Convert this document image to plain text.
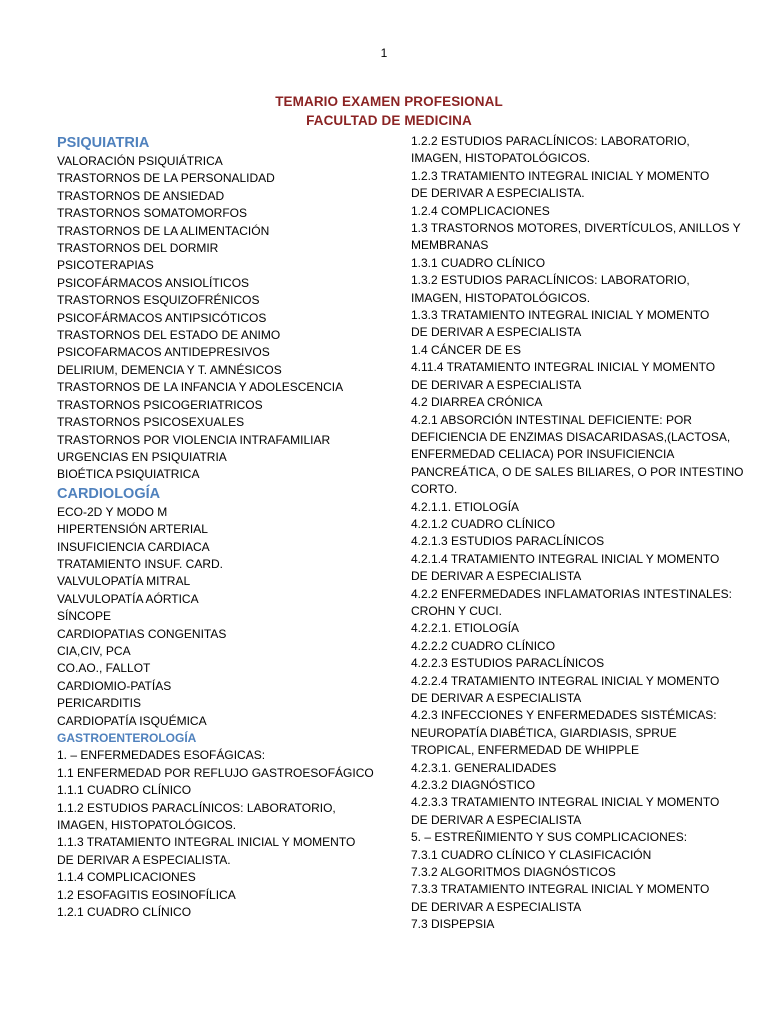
1
TEMARIO EXAMEN PROFESIONAL
FACULTAD DE MEDICINA
PSIQUIATRIA
VALORACIÓN PSIQUIÁTRICA
TRASTORNOS DE LA PERSONALIDAD
TRASTORNOS DE ANSIEDAD
TRASTORNOS SOMATOMORFOS
TRASTORNOS DE LA ALIMENTACIÓN
TRASTORNOS DEL DORMIR
PSICOTERAPIAS
PSICOFÁRMACOS ANSIOLÍTICOS
TRASTORNOS ESQUIZOFRÉNICOS
PSICOFÁRMACOS ANTIPSICÓTICOS
TRASTORNOS DEL ESTADO DE ANIMO
PSICOFARMACOS ANTIDEPRESIVOS
DELIRIUM, DEMENCIA Y T. AMNÉSICOS
TRASTORNOS DE LA INFANCIA Y ADOLESCENCIA
TRASTORNOS PSICOGERIATRICOS
TRASTORNOS PSICOSEXUALES
TRASTORNOS POR VIOLENCIA INTRAFAMILIAR
URGENCIAS EN PSIQUIATRIA
BIOÉTICA PSIQUIATRICA
CARDIOLOGÍA
ECO-2D Y MODO M
HIPERTENSIÓN ARTERIAL
INSUFICIENCIA CARDIACA
TRATAMIENTO INSUF. CARD.
VALVULOPATÍA MITRAL
VALVULOPATÍA AÓRTICA
SÍNCOPE
CARDIOPATIAS CONGENITAS
CIA,CIV, PCA
CO.AO., FALLOT
CARDIOMIO-PATÍAS
PERICARDITIS
CARDIOPATÍA ISQUÉMICA
GASTROENTEROLOGÍA
1. – ENFERMEDADES ESOFÁGICAS:
1.1 ENFERMEDAD POR REFLUJO GASTROESOFÁGICO
1.1.1 CUADRO CLÍNICO
1.1.2 ESTUDIOS PARACLÍNICOS: LABORATORIO,
IMAGEN, HISTOPATOLÓGICOS.
1.1.3 TRATAMIENTO INTEGRAL INICIAL Y MOMENTO
DE DERIVAR A ESPECIALISTA.
1.1.4 COMPLICACIONES
1.2 ESOFAGITIS EOSINOFÍLICA
1.2.1 CUADRO CLÍNICO
1.2.2 ESTUDIOS PARACLÍNICOS: LABORATORIO,
IMAGEN, HISTOPATOLÓGICOS.
1.2.3 TRATAMIENTO INTEGRAL INICIAL Y MOMENTO
DE DERIVAR A ESPECIALISTA.
1.2.4 COMPLICACIONES
1.3 TRASTORNOS MOTORES, DIVERTÍCULOS, ANILLOS Y
MEMBRANAS
1.3.1 CUADRO CLÍNICO
1.3.2 ESTUDIOS PARACLÍNICOS: LABORATORIO,
IMAGEN, HISTOPATOLÓGICOS.
1.3.3 TRATAMIENTO INTEGRAL INICIAL Y MOMENTO
DE DERIVAR A ESPECIALISTA
1.4 CÁNCER DE ES
4.11.4 TRATAMIENTO INTEGRAL INICIAL Y MOMENTO
DE DERIVAR A ESPECIALISTA
4.2 DIARREA CRÓNICA
4.2.1 ABSORCIÓN INTESTINAL DEFICIENTE: POR
DEFICIENCIA DE ENZIMAS DISACARIDASAS,(LACTOSA,
ENFERMEDAD CELIACA) POR INSUFICIENCIA
PANCREÁTICA, O DE SALES BILIARES, O POR INTESTINO
CORTO.
4.2.1.1. ETIOLOGÍA
4.2.1.2 CUADRO CLÍNICO
4.2.1.3 ESTUDIOS PARACLÍNICOS
4.2.1.4 TRATAMIENTO INTEGRAL INICIAL Y MOMENTO
DE DERIVAR A ESPECIALISTA
4.2.2 ENFERMEDADES INFLAMATORIAS INTESTINALES:
CROHN Y CUCI.
4.2.2.1. ETIOLOGÍA
4.2.2.2 CUADRO CLÍNICO
4.2.2.3 ESTUDIOS PARACLÍNICOS
4.2.2.4 TRATAMIENTO INTEGRAL INICIAL Y MOMENTO
DE DERIVAR A ESPECIALISTA
4.2.3 INFECCIONES Y ENFERMEDADES SISTÉMICAS:
NEUROPATÍA DIABÉTICA, GIARDIASIS, SPRUE
TROPICAL, ENFERMEDAD DE WHIPPLE
4.2.3.1. GENERALIDADES
4.2.3.2 DIAGNÓSTICO
4.2.3.3 TRATAMIENTO INTEGRAL INICIAL Y MOMENTO
DE DERIVAR A ESPECIALISTA
5. – ESTREÑIMIENTO Y SUS COMPLICACIONES:
7.3.1 CUADRO CLÍNICO Y CLASIFICACIÓN
7.3.2 ALGORITMOS DIAGNÓSTICOS
7.3.3 TRATAMIENTO INTEGRAL INICIAL Y MOMENTO
DE DERIVAR A ESPECIALISTA
7.3 DISPEPSIA
